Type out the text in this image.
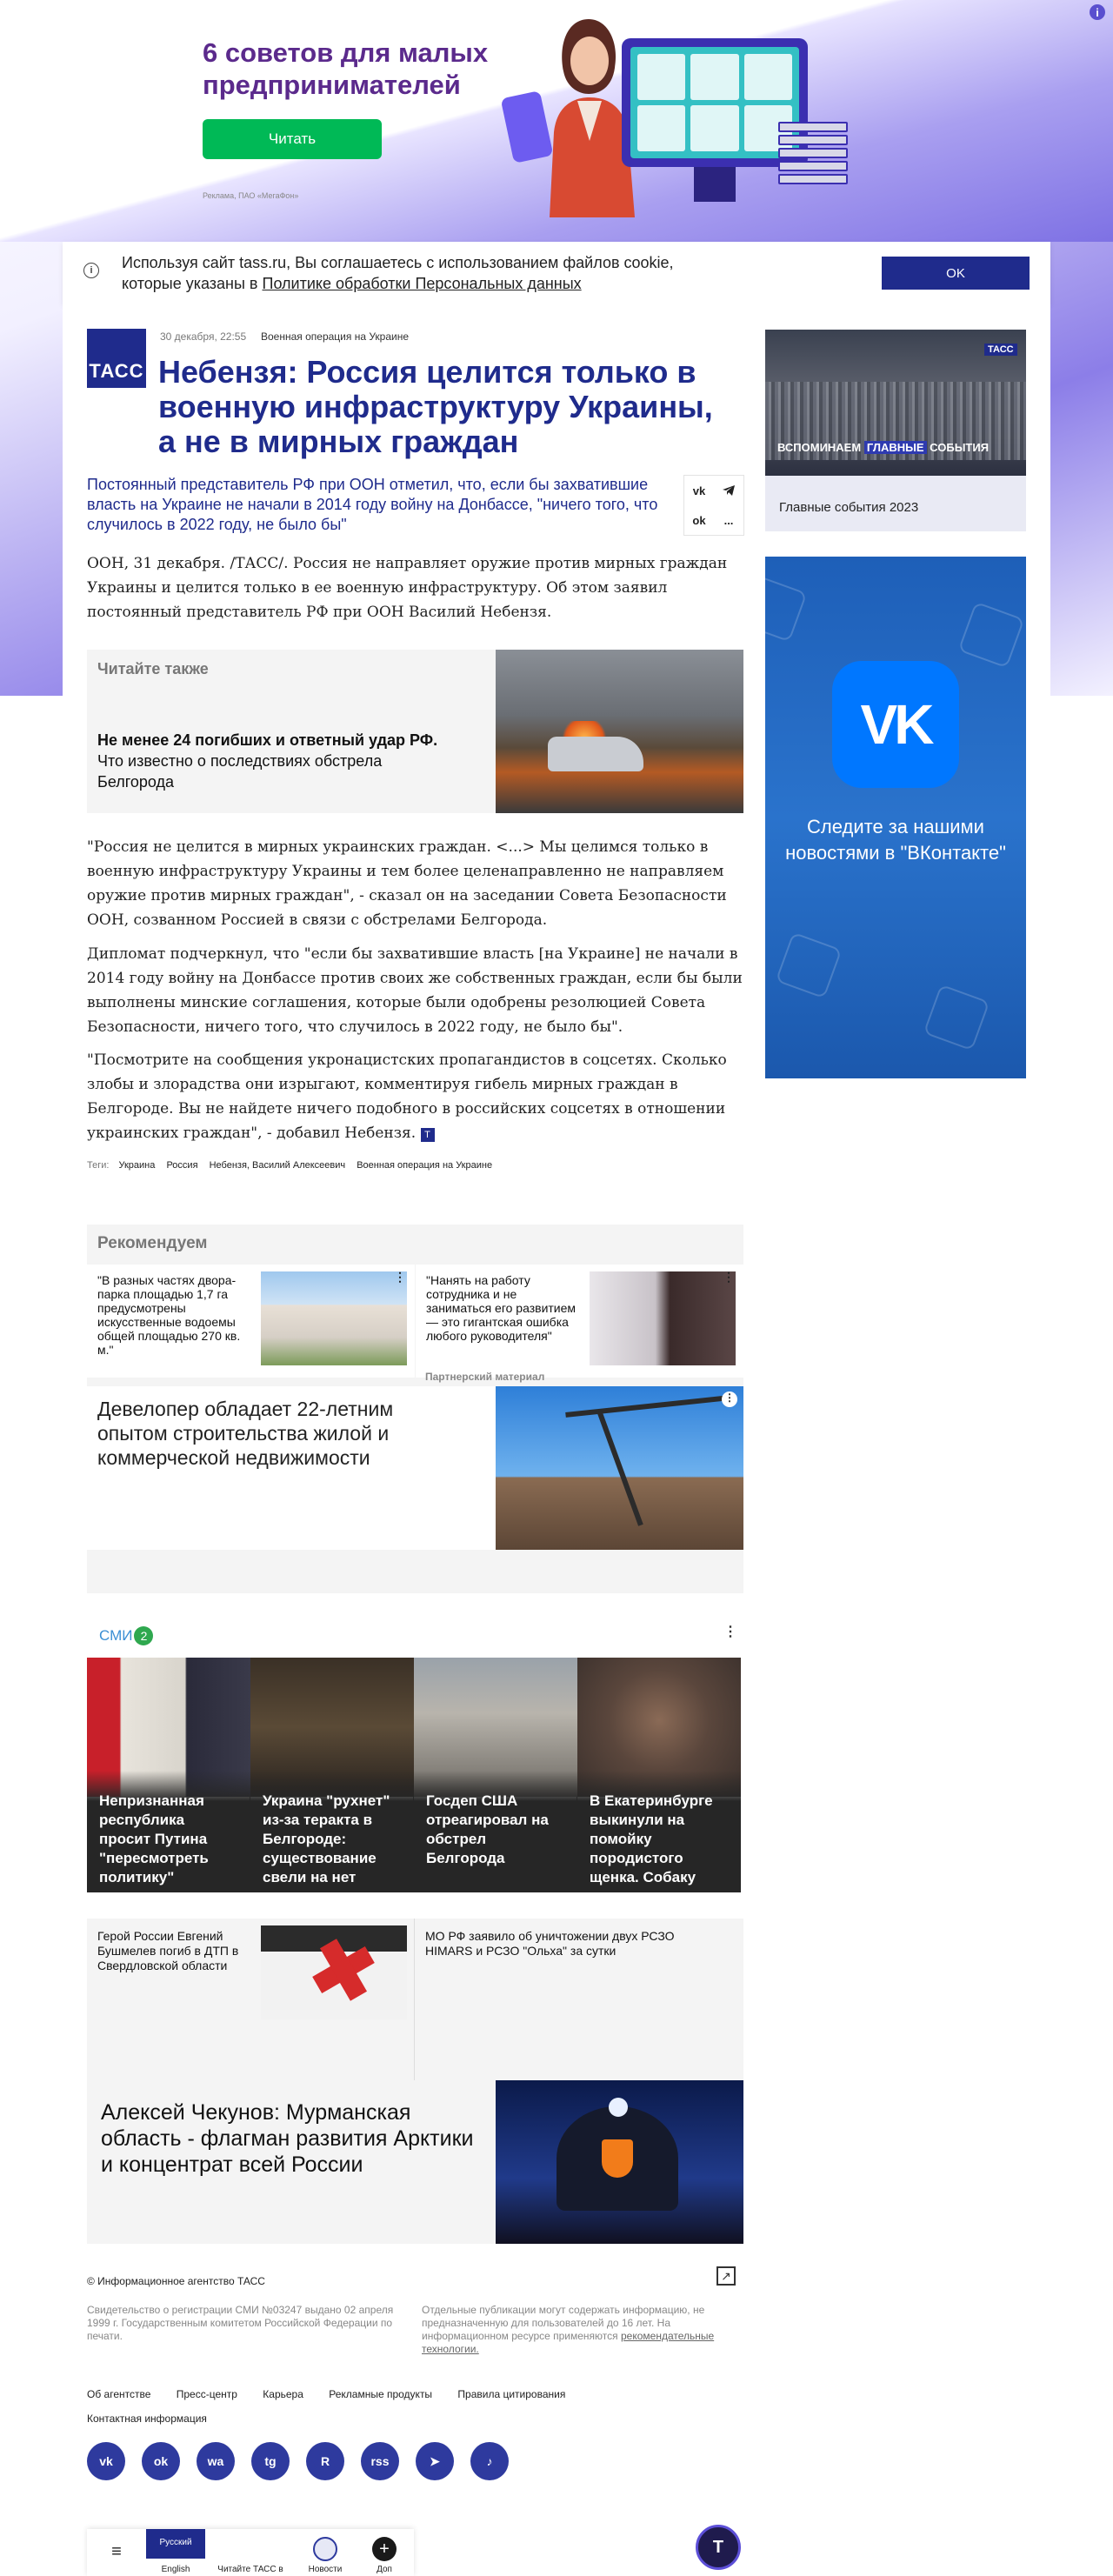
6 советов для малых предпринимателей
Читать
Реклама, ПАО «МегаФон»
i
i	Используя сайт tass.ru, Вы соглашаетесь с использованием файлов cookie, которые указаны в Политике обработки Персональных данных
OK
ТАСС
30 декабря, 22:55 Военная операция на Украине
Небензя: Россия целится только в военную инфраструктуру Украины, а не в мирных граждан
Постоянный представитель РФ при ООН отметил, что, если бы захватившие власть на Украине не начали в 2014 году войну на Донбассе, "ничего того, что случилось в 2022 году, не было бы"
vk
ok	...

ООН, 31 декабря. /ТАСС/. Россия не направляет оружие против мирных граждан Украины и целится только в ее военную инфраструктуру. Об этом заявил постоянный представитель РФ при ООН Василий Небензя.

Читайте также
Не менее 24 погибших и ответный удар РФ. Что известно о последствиях обстрела Белгорода

"Россия не целится в мирных украинских граждан. <...> Мы целимся только в военную инфраструктуру Украины и тем более целенаправленно не направляем оружие против мирных граждан", - сказал он на заседании Совета Безопасности ООН, созванном Россией в связи с обстрелами Белгорода.

Дипломат подчеркнул, что "если бы захватившие власть [на Украине] не начали в 2014 году войну на Донбассе против своих же собственных граждан, если бы были выполнены минские соглашения, которые были одобрены резолюцией Совета Безопасности, ничего того, что случилось в 2022 году, не было бы".

"Посмотрите на сообщения укронацистских пропагандистов в соцсетях. Сколько злобы и злорадства они изрыгают, комментируя гибель мирных граждан в Белгороде. Вы не найдете ничего подобного в российских соцсетях в отношении украинских граждан", - добавил Небензя. T

Теги: Украина Россия Небензя, Василий Алексеевич Военная операция на Украине
Рекомендуем
"В разных частях двора-парка площадью 1,7 га предусмотрены искусственные водоемы общей площадью 270 кв. м."
⋮ "Нанять на работу сотрудника и не заниматься его развитием — это гигантская ошибка любого руководителя"
⋮
Партнерский материал
Девелопер обладает 22-летним опытом строительства жилой и коммерческой недвижимости
⋮
СМИ 2	⋮
Непризнанная республика просит Путина "пересмотреть политику"
Украина "рухнет" из-за теракта в Белгороде: существование свели на нет
Госдеп США отреагировал на обстрел Белгорода
В Екатеринбурге выкинули на помойку породистого щенка. Собаку спасли
Герой России Евгений Бушмелев погиб в ДТП в Свердловской области
МО РФ заявило об уничтожении двух РСЗО HIMARS и РСЗО "Ольха" за сутки
Алексей Чекунов: Мурманская область - флагман развития Арктики и концентрат всей России
© Информационное агентство ТАСС	↗
Свидетельство о регистрации СМИ №03247 выдано 02 апреля 1999 г. Государственным комитетом Российской Федерации по печати.
Отдельные публикации могут содержать информацию, не предназначенную для пользователей до 16 лет. На информационном ресурсе применяются рекомендательные технологии.
Об агентстве Пресс-центр Карьера Рекламные продукты Правила цитирования Контактная информация
vk	ok	wa	tg	R	rss	➤	♪
≡	Русский
English	Читайте ТАСС в	Новости
+
Доп
T
ТАСС
ВСПОМИНАЕМ ГЛАВНЫЕ СОБЫТИЯ
Главные события 2023
VK
Следите за нашими новостями в "ВКонтакте"
